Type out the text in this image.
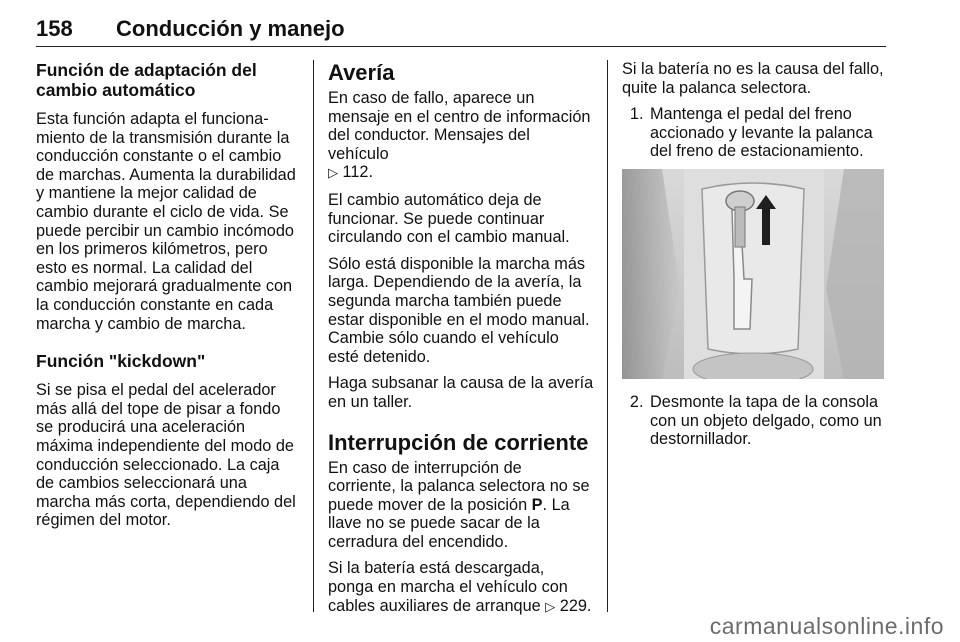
158 Conducción y manejo
Función de adaptación del cambio automático

Esta función adapta el funcionamiento de la transmisión durante la conducción constante o el cambio de marchas. Aumenta la durabilidad y mantiene la mejor calidad de cambio durante el ciclo de vida. Se puede percibir un cambio incómodo en los primeros kilómetros, pero esto es normal. La calidad del cambio mejorará gradualmente con la conducción constante en cada marcha y cambio de marcha.

Función "kickdown"

Si se pisa el pedal del acelerador más allá del tope de pisar a fondo se producirá una aceleración máxima independiente del modo de conducción seleccionado. La caja de cambios seleccionará una marcha más corta, dependiendo del régimen del motor.

Avería

En caso de fallo, aparece un mensaje en el centro de información del conductor. Mensajes del vehículo
▷ 112.

El cambio automático deja de funcionar. Se puede continuar circulando con el cambio manual.

Sólo está disponible la marcha más larga. Dependiendo de la avería, la segunda marcha también puede estar disponible en el modo manual. Cambie sólo cuando el vehículo esté detenido.

Haga subsanar la causa de la avería en un taller.

Interrupción de corriente

En caso de interrupción de corriente, la palanca selectora no se puede mover de la posición P. La llave no se puede sacar de la cerradura del encendido.

Si la batería está descargada, ponga en marcha el vehículo con cables auxiliares de arranque ▷ 229.

Si la batería no es la causa del fallo, quite la palanca selectora.

1. Mantenga el pedal del freno accionado y levante la palanca del freno de estacionamiento.
2. Desmonte la tapa de la consola con un objeto delgado, como un destornillador.
carmanualsonline.info
